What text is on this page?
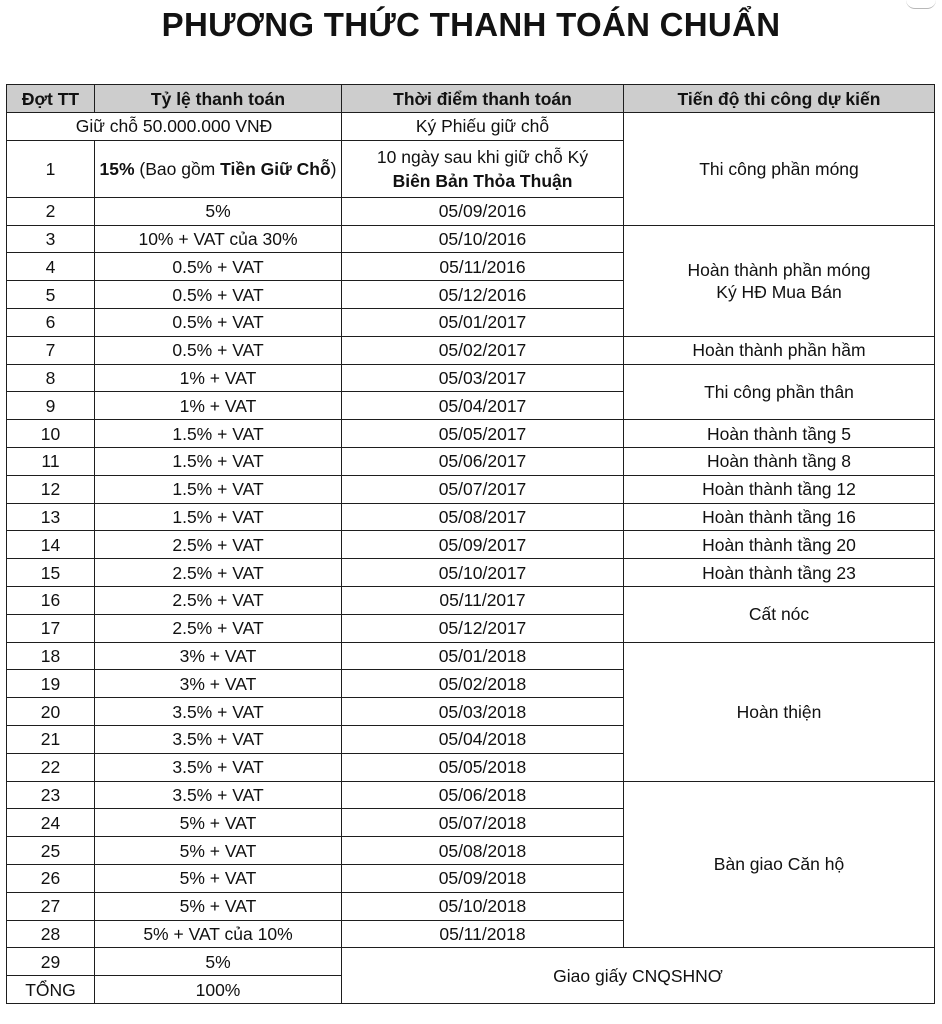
PHƯƠNG THỨC THANH TOÁN CHUẨN
Đợt TT	Tỷ lệ thanh toán	Thời điểm thanh toán	Tiến độ thi công dự kiến
Giữ chỗ 50.000.000 VNĐ		Ký Phiếu giữ chỗ	Thi công phần móng
1	15% (Bao gồm Tiền Giữ Chỗ)	10 ngày sau khi giữ chỗ Ký
Biên Bản Thỏa Thuận	
2	5%	05/09/2016	
3	10% + VAT của 30%	05/10/2016	Hoàn thành phần móng
Ký HĐ Mua Bán
4	0.5% + VAT	05/11/2016	
5	0.5% + VAT	05/12/2016	
6	0.5% + VAT	05/01/2017	
7	0.5% + VAT	05/02/2017	Hoàn thành phần hầm
8	1% + VAT	05/03/2017	Thi công phần thân
9	1% + VAT	05/04/2017	
10	1.5% + VAT	05/05/2017	Hoàn thành tầng 5
11	1.5% + VAT	05/06/2017	Hoàn thành tầng 8
12	1.5% + VAT	05/07/2017	Hoàn thành tầng 12
13	1.5% + VAT	05/08/2017	Hoàn thành tầng 16
14	2.5% + VAT	05/09/2017	Hoàn thành tầng 20
15	2.5% + VAT	05/10/2017	Hoàn thành tầng 23
16	2.5% + VAT	05/11/2017	Cất nóc
17	2.5% + VAT	05/12/2017	
18	3% + VAT	05/01/2018	Hoàn thiện
19	3% + VAT	05/02/2018	
20	3.5% + VAT	05/03/2018	
21	3.5% + VAT	05/04/2018	
22	3.5% + VAT	05/05/2018	
23	3.5% + VAT	05/06/2018	Bàn giao Căn hộ
24	5% + VAT	05/07/2018	
25	5% + VAT	05/08/2018	
26	5% + VAT	05/09/2018	
27	5% + VAT	05/10/2018	
28	5% + VAT của 10%	05/11/2018	
29	5%	Giao giấy CNQSHNƠ	
TỔNG	100%		
